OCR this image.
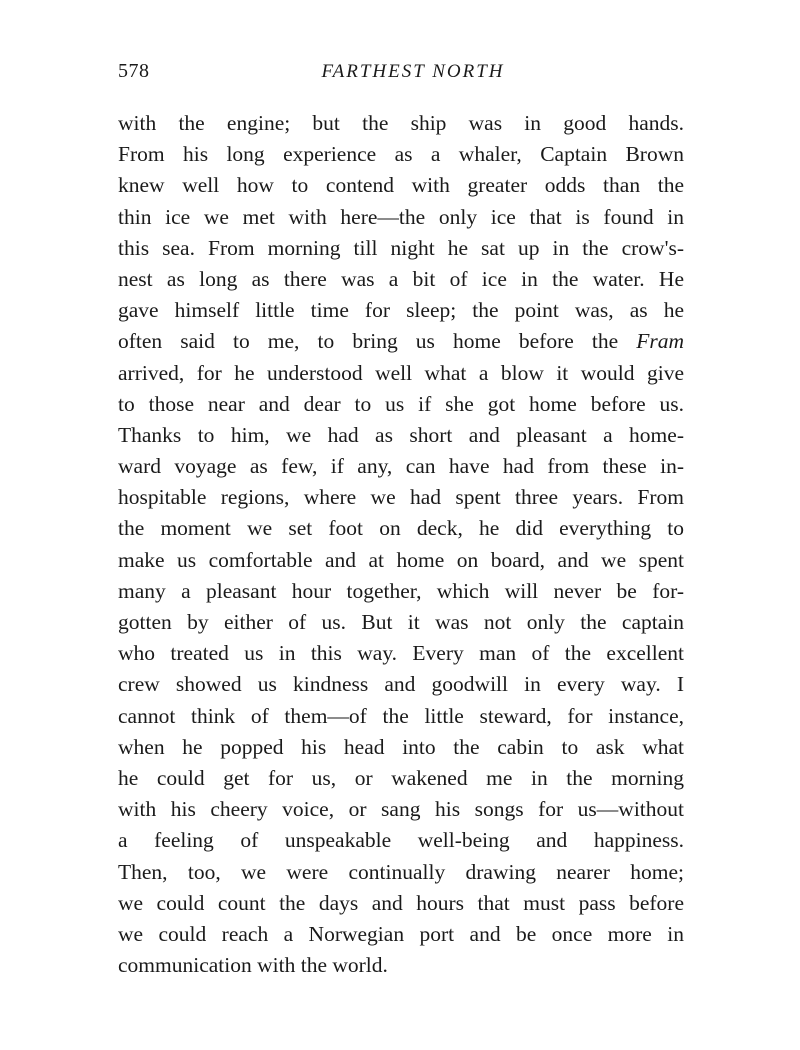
578	FARTHEST NORTH
with the engine; but the ship was in good hands.
From his long experience as a whaler, Captain Brown
knew well how to contend with greater odds than the
thin ice we met with here—the only ice that is found in
this sea. From morning till night he sat up in the crow's-
nest as long as there was a bit of ice in the water. He
gave himself little time for sleep; the point was, as he
often said to me, to bring us home before the Fram
arrived, for he understood well what a blow it would give
to those near and dear to us if she got home before us.
Thanks to him, we had as short and pleasant a home-
ward voyage as few, if any, can have had from these in-
hospitable regions, where we had spent three years. From
the moment we set foot on deck, he did everything to
make us comfortable and at home on board, and we spent
many a pleasant hour together, which will never be for-
gotten by either of us. But it was not only the captain
who treated us in this way. Every man of the excellent
crew showed us kindness and goodwill in every way. I
cannot think of them—of the little steward, for instance,
when he popped his head into the cabin to ask what
he could get for us, or wakened me in the morning
with his cheery voice, or sang his songs for us—without
a feeling of unspeakable well-being and happiness.
Then, too, we were continually drawing nearer home;
we could count the days and hours that must pass before
we could reach a Norwegian port and be once more in
communication with the world.
